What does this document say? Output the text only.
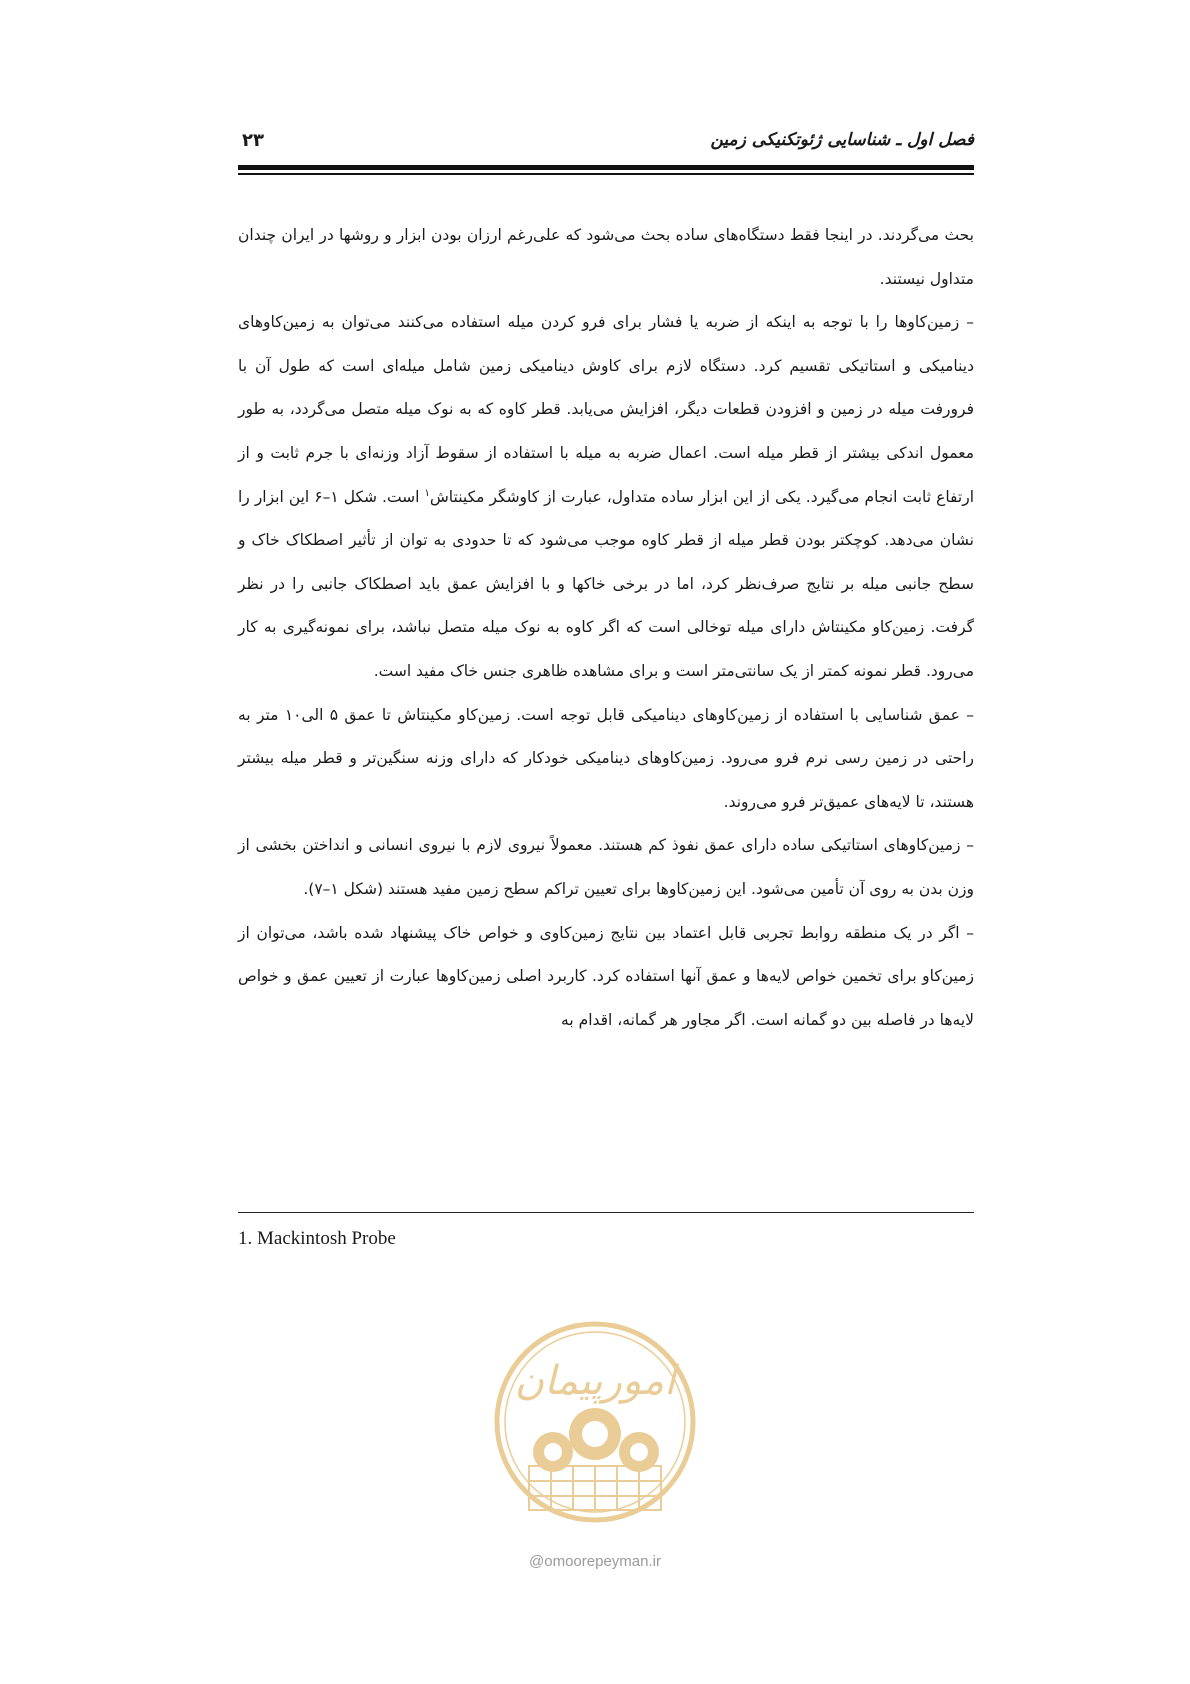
فصل اول ـ شناسایی ژئوتکنیکی زمین
۲۳

بحث می‌گردند. در اینجا فقط دستگاه‌های ساده بحث می‌شود که علی‌رغم ارزان بودن ابزار و روشها در ایران چندان متداول نیستند.

– زمین‌کاوها را با توجه به اینکه از ضربه یا فشار برای فرو کردن میله استفاده می‌کنند می‌توان به زمین‌کاوهای دینامیکی و استاتیکی تقسیم کرد. دستگاه لازم برای کاوش دینامیکی زمین شامل میله‌ای است که طول آن با فرورفت میله در زمین و افزودن قطعات دیگر، افزایش می‌یابد. قطر کاوه که به نوک میله متصل می‌گردد، به طور معمول اندکی بیشتر از قطر میله است. اعمال ضربه به میله با استفاده از سقوط آزاد وزنه‌ای با جرم ثابت و از ارتفاع ثابت انجام می‌گیرد. یکی از این ابزار ساده متداول، عبارت از کاوشگر مکینتاش$^۱$ است. شکل ۱–۶ این ابزار را نشان می‌دهد. کوچکتر بودن قطر میله از قطر کاوه موجب می‌شود که تا حدودی به توان از تأثیر اصطکاک خاک و سطح جانبی میله بر نتایج صرف‌نظر کرد، اما در برخی خاکها و با افزایش عمق باید اصطکاک جانبی را در نظر گرفت. زمین‌کاو مکینتاش دارای میله توخالی است که اگر کاوه به نوک میله متصل نباشد، برای نمونه‌گیری به کار می‌رود. قطر نمونه کمتر از یک سانتی‌متر است و برای مشاهده ظاهری جنس خاک مفید است.

– عمق شناسایی با استفاده از زمین‌کاوهای دینامیکی قابل توجه است. زمین‌کاو مکینتاش تا عمق ۵ الی۱۰ متر به راحتی در زمین رسی نرم فرو می‌رود. زمین‌کاوهای دینامیکی خودکار که دارای وزنه سنگین‌تر و قطر میله بیشتر هستند، تا لایه‌های عمیق‌تر فرو می‌روند.

– زمین‌کاوهای استاتیکی ساده دارای عمق نفوذ کم هستند. معمولاً نیروی لازم با نیروی انسانی و انداختن بخشی از وزن بدن به روی آن تأمین می‌شود. این زمین‌کاوها برای تعیین تراکم سطح زمین مفید هستند (شکل ۱–۷).

– اگر در یک منطقه روابط تجربی قابل اعتماد بین نتایج زمین‌کاوی و خواص خاک پیشنهاد شده باشد، می‌توان از زمین‌کاو برای تخمین خواص لایه‌ها و عمق آنها استفاده کرد. کاربرد اصلی زمین‌کاوها عبارت از تعیین عمق و خواص لایه‌ها در فاصله بین دو گمانه است. اگر مجاور هر گمانه، اقدام به

1. Mackintosh Probe
امورپیمان
@omoorepeyman.ir
